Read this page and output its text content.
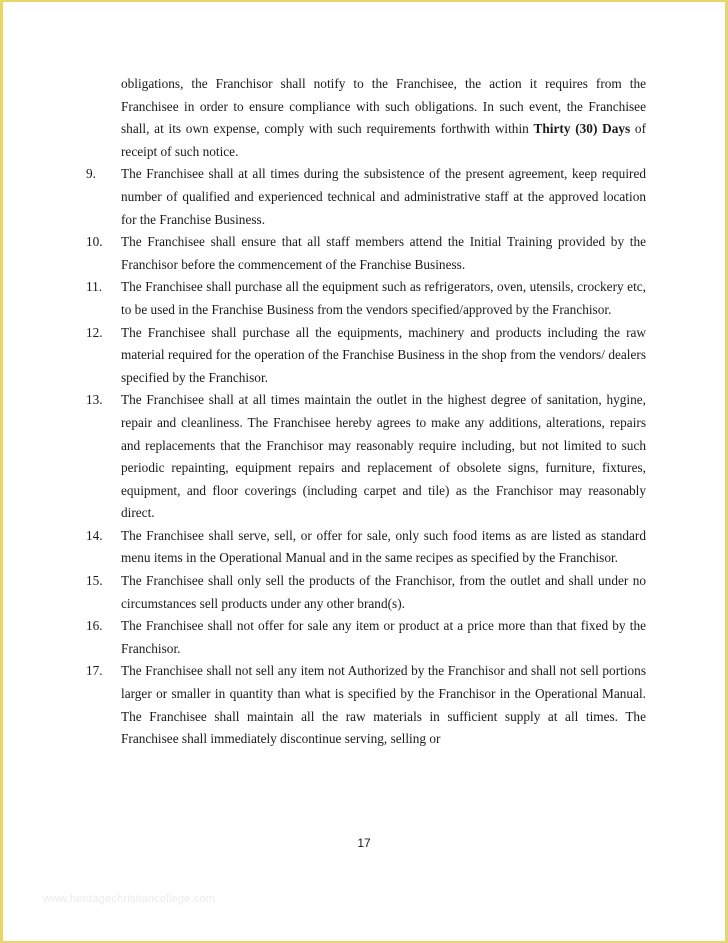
obligations, the Franchisor shall notify to the Franchisee, the action it requires from the Franchisee in order to ensure compliance with such obligations. In such event, the Franchisee shall, at its own expense, comply with such requirements forthwith within Thirty (30) Days of receipt of such notice.

9.	The Franchisee shall at all times during the subsistence of the present agreement, keep required number of qualified and experienced technical and administrative staff at the approved location for the Franchise Business.

10.	The Franchisee shall ensure that all staff members attend the Initial Training provided by the Franchisor before the commencement of the Franchise Business.

11.	The Franchisee shall purchase all the equipment such as refrigerators, oven, utensils, crockery etc, to be used in the Franchise Business from the vendors specified/approved by the Franchisor.

12.	The Franchisee shall purchase all the equipments, machinery and products including the raw material required for the operation of the Franchise Business in the shop from the vendors/ dealers specified by the Franchisor.

13.	The Franchisee shall at all times maintain the outlet in the highest degree of sanitation, hygine, repair and cleanliness. The Franchisee hereby agrees to make any additions, alterations, repairs and replacements that the Franchisor may reasonably require including, but not limited to such periodic repainting, equipment repairs and replacement of obsolete signs, furniture, fixtures, equipment, and floor coverings (including carpet and tile) as the Franchisor may reasonably direct.

14.	The Franchisee shall serve, sell, or offer for sale, only such food items as are listed as standard menu items in the Operational Manual and in the same recipes as specified by the Franchisor.

15.	The Franchisee shall only sell the products of the Franchisor, from the outlet and shall under no circumstances sell products under any other brand(s).

16.	The Franchisee shall not offer for sale any item or product at a price more than that fixed by the Franchisor.

17.	The Franchisee shall not sell any item not Authorized by the Franchisor and shall not sell portions larger or smaller in quantity than what is specified by the Franchisor in the Operational Manual. The Franchisee shall maintain all the raw materials in sufficient supply at all times. The Franchisee shall immediately discontinue serving, selling or

17
www.heritagechristiancollege.com
